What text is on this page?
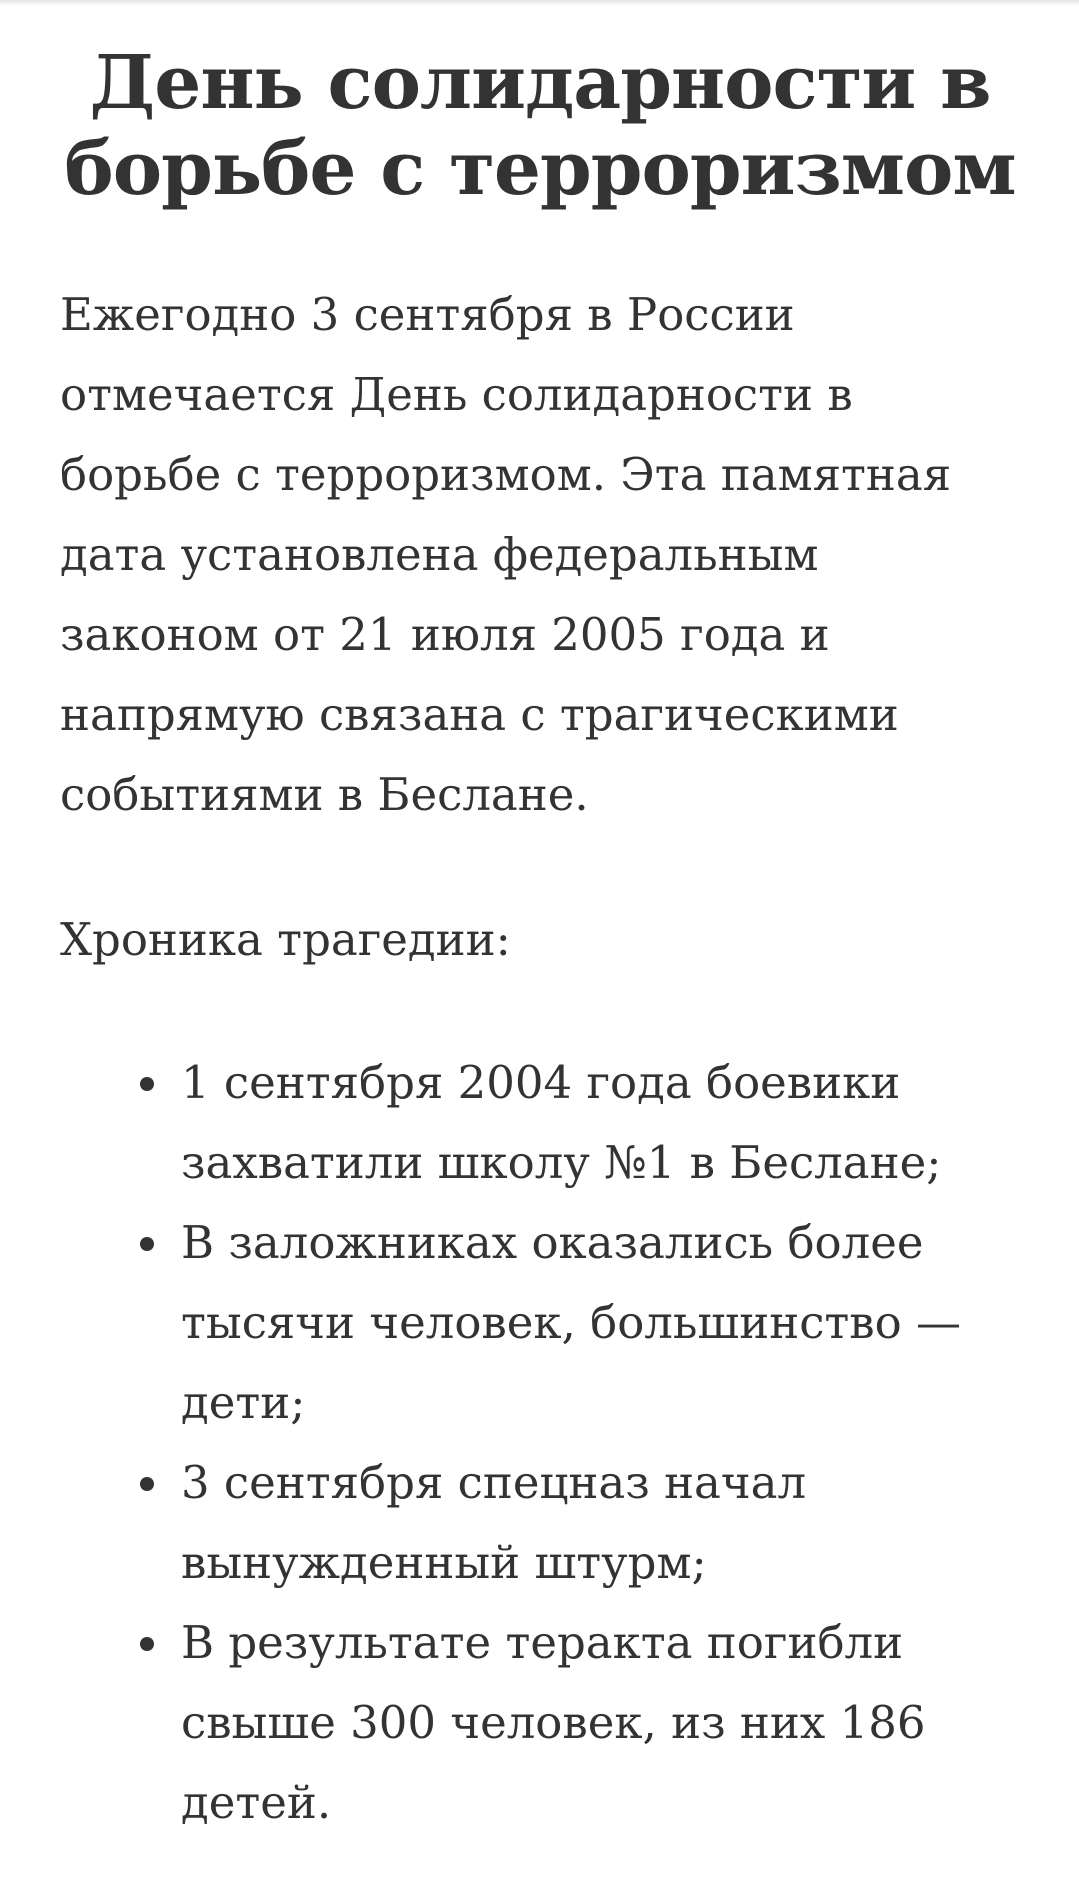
День солидарности в
борьбе с терроризмом

Ежегодно 3 сентября в России
отмечается День солидарности в
борьбе с терроризмом. Эта памятная
дата установлена федеральным
законом от 21 июля 2005 года и
напрямую связана с трагическими
событиями в Беслане.

Хроника трагедии:

1 сентября 2004 года боевики
захватили школу №1 в Беслане;
В заложниках оказались более
тысячи человек, большинство —
дети;
3 сентября спецназ начал
вынужденный штурм;
В результате теракта погибли
свыше 300 человек, из них 186
детей.
